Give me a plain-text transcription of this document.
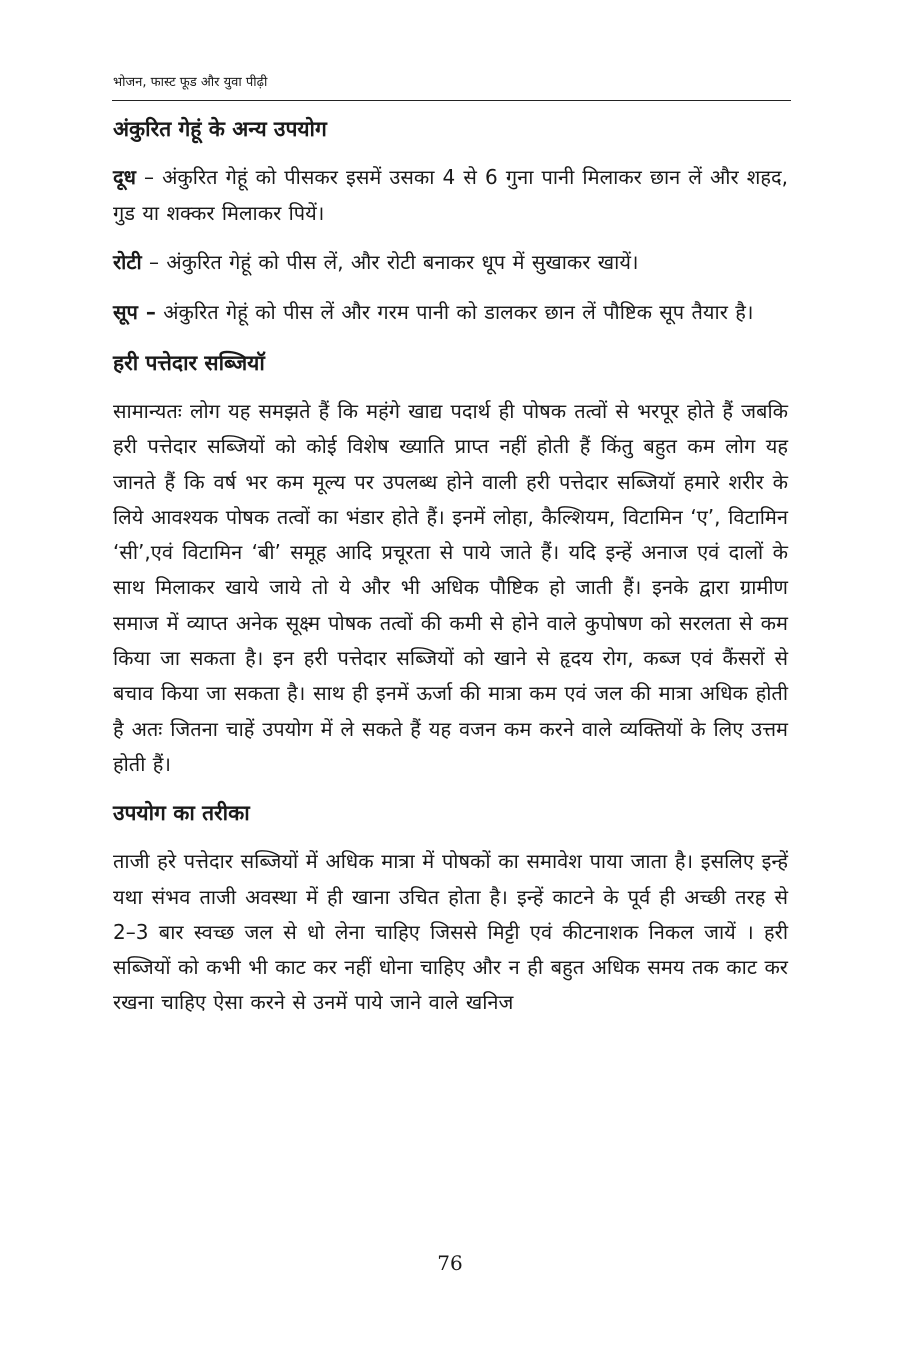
भोजन, फास्ट फूड और युवा पीढ़ी
अंकुरित गेहूं के अन्य उपयोग

दूध – अंकुरित गेहूं को पीसकर इसमें उसका 4 से 6 गुना पानी मिलाकर छान लें और शहद, गुड या शक्कर मिलाकर पियें।

रोटी – अंकुरित गेहूं को पीस लें, और रोटी बनाकर धूप में सुखाकर खायें।

सूप – अंकुरित गेहूं को पीस लें और गरम पानी को डालकर छान लें पौष्टिक सूप तैयार है।

हरी पत्तेदार सब्जियॉ

सामान्यतः लोग यह समझते हैं कि महंगे खाद्य पदार्थ ही पोषक तत्वों से भरपूर होते हैं जबकि हरी पत्तेदार सब्जियों को कोई विशेष ख्याति प्राप्त नहीं होती हैं किंतु बहुत कम लोग यह जानते हैं कि वर्ष भर कम मूल्य पर उपलब्ध होने वाली हरी पत्तेदार सब्जियॉ हमारे शरीर के लिये आवश्यक पोषक तत्वों का भंडार होते हैं। इनमें लोहा, कैल्शियम, विटामिन ‘ए’, विटामिन ‘सी’,एवं विटामिन ‘बी’ समूह आदि प्रचूरता से पाये जाते हैं। यदि इन्हें अनाज एवं दालों के साथ मिलाकर खाये जाये तो ये और भी अधिक पौष्टिक हो जाती हैं। इनके द्वारा ग्रामीण समाज में व्याप्त अनेक सूक्ष्म पोषक तत्वों की कमी से होने वाले कुपोषण को सरलता से कम किया जा सकता है। इन हरी पत्तेदार सब्जियों को खाने से हृदय रोग, कब्ज एवं कैंसरों से बचाव किया जा सकता है। साथ ही इनमें ऊर्जा की मात्रा कम एवं जल की मात्रा अधिक होती है अतः जितना चाहें उपयोग में ले सकते हैं यह वजन कम करने वाले व्यक्तियों के लिए उत्तम होती हैं।

उपयोग का तरीका

ताजी हरे पत्तेदार सब्जियों में अधिक मात्रा में पोषकों का समावेश पाया जाता है। इसलिए इन्हें यथा संभव ताजी अवस्था में ही खाना उचित होता है। इन्हें काटने के पूर्व ही अच्छी तरह से 2–3 बार स्वच्छ जल से धो लेना चाहिए जिससे मिट्टी एवं कीटनाशक निकल जायें । हरी सब्जियों को कभी भी काट कर नहीं धोना चाहिए और न ही बहुत अधिक समय तक काट कर रखना चाहिए ऐसा करने से उनमें पाये जाने वाले खनिज

76
